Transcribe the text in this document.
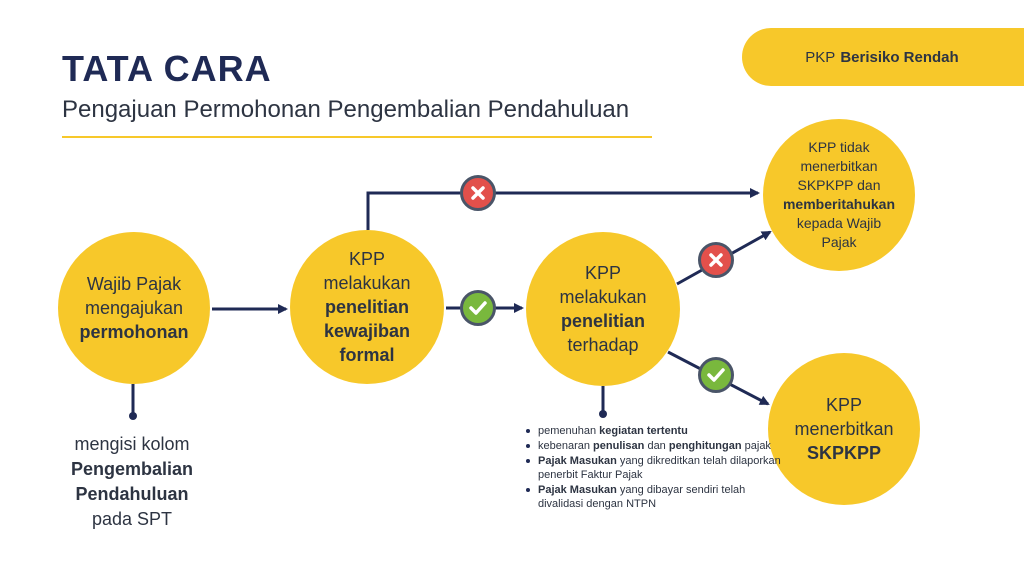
TATA CARA
Pengajuan Permohonan Pengembalian Pendahuluan
PKP Berisiko Rendah
Wajib Pajak
mengajukan
permohonan
KPP
melakukan
penelitian
kewajiban
formal
KPP
melakukan
penelitian
terhadap
KPP tidak
menerbitkan
SKPKPP dan
memberitahukan
kepada Wajib
Pajak
KPP
menerbitkan
SKPKPP
mengisi kolom
Pengembalian
Pendahuluan
pada SPT
pemenuhan kegiatan tertentu
kebenaran penulisan dan penghitungan pajak
Pajak Masukan yang dikreditkan telah dilaporkan penerbit Faktur Pajak
Pajak Masukan yang dibayar sendiri telah divalidasi dengan NTPN
